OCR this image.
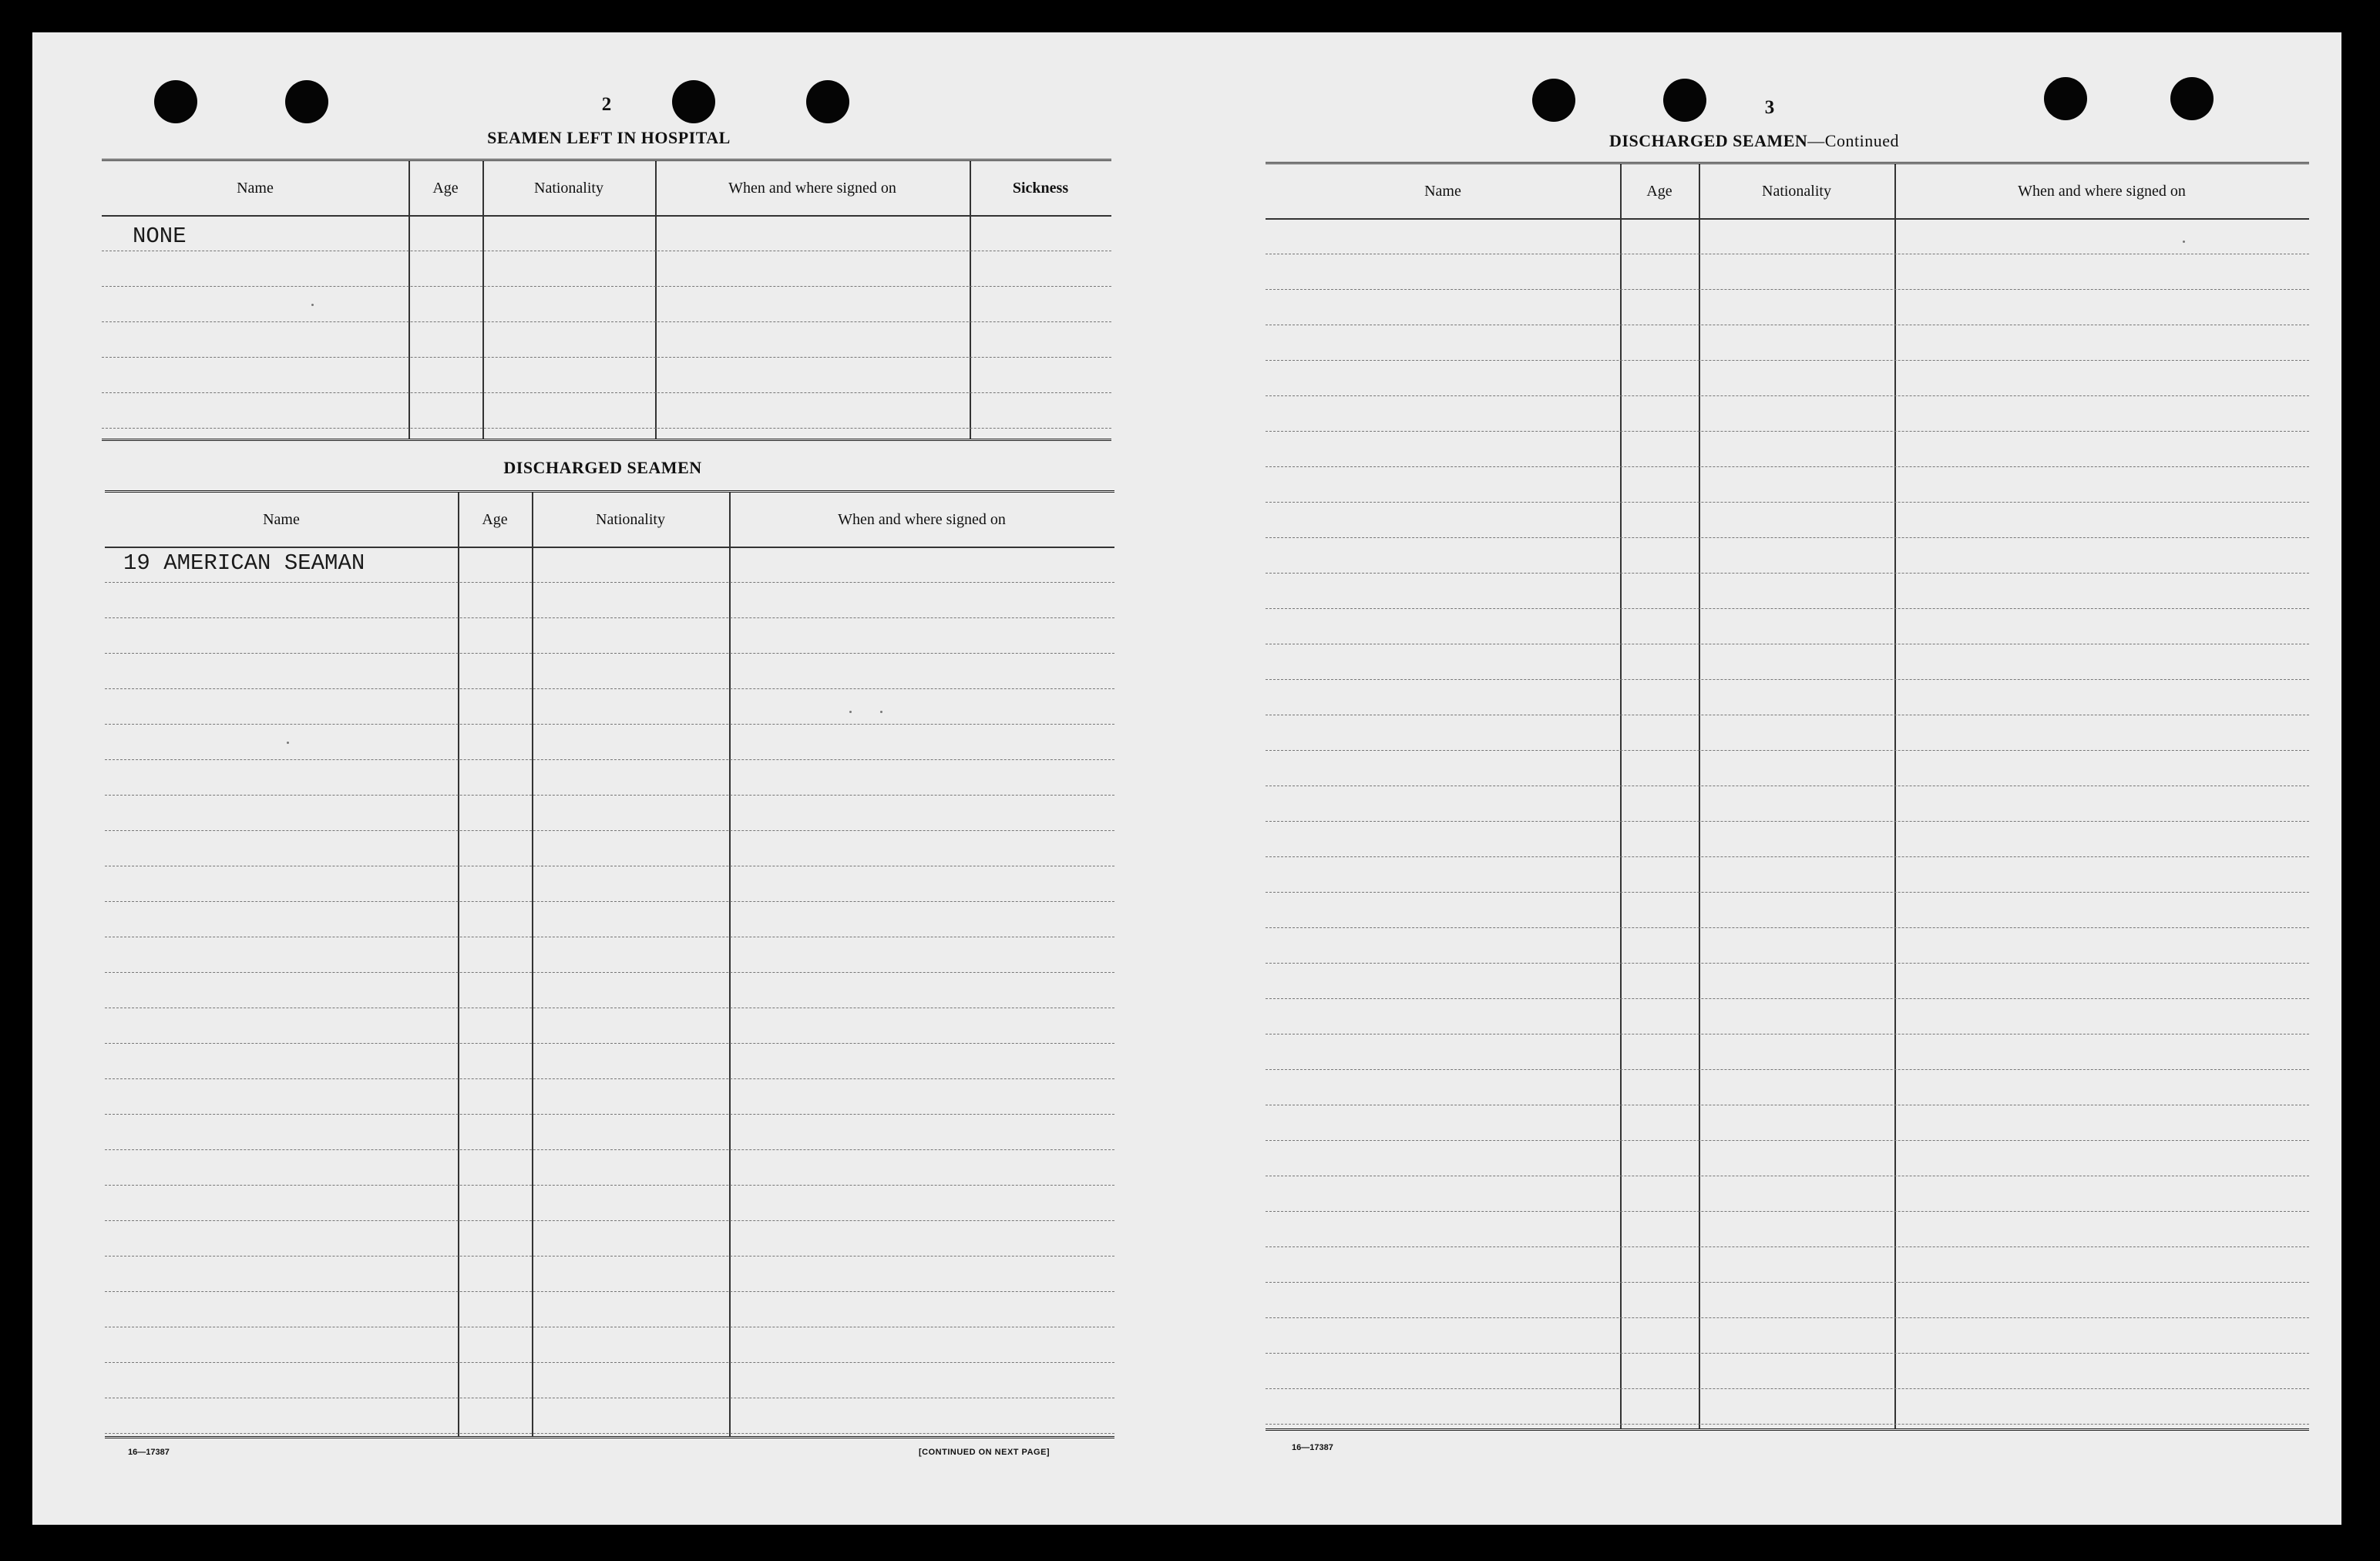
2
SEAMEN LEFT IN HOSPITAL
Name	Age	Nationality	When and where signed on	Sickness
NONE
DISCHARGED SEAMEN
Name	Age	Nationality	When and where signed on
19 AMERICAN SEAMAN
16—17387	[CONTINUED ON NEXT PAGE]
3
DISCHARGED SEAMEN—Continued
Name	Age	Nationality	When and where signed on
16—17387
